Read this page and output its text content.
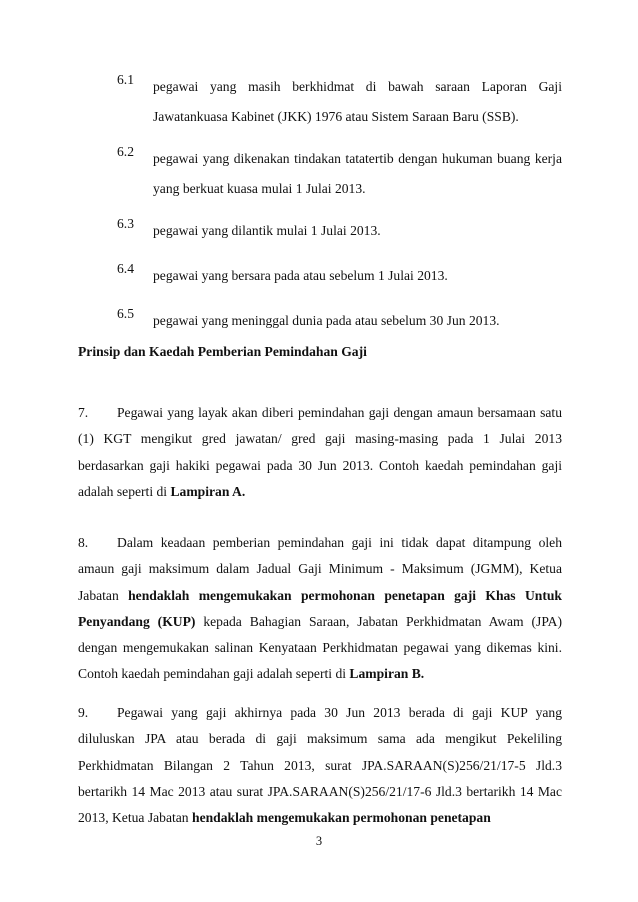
6.1 pegawai yang masih berkhidmat di bawah saraan Laporan Gaji Jawatankuasa Kabinet (JKK) 1976 atau Sistem Saraan Baru (SSB).
6.2 pegawai yang dikenakan tindakan tatatertib dengan hukuman buang kerja yang berkuat kuasa mulai 1 Julai 2013.
6.3 pegawai yang dilantik mulai 1 Julai 2013.
6.4 pegawai yang bersara pada atau sebelum 1 Julai 2013.
6.5 pegawai yang meninggal dunia pada atau sebelum 30 Jun 2013.
Prinsip dan Kaedah Pemberian Pemindahan Gaji
7. Pegawai yang layak akan diberi pemindahan gaji dengan amaun bersamaan satu (1) KGT mengikut gred jawatan/ gred gaji masing-masing pada 1 Julai 2013 berdasarkan gaji hakiki pegawai pada 30 Jun 2013. Contoh kaedah pemindahan gaji adalah seperti di Lampiran A.
8. Dalam keadaan pemberian pemindahan gaji ini tidak dapat ditampung oleh amaun gaji maksimum dalam Jadual Gaji Minimum - Maksimum (JGMM), Ketua Jabatan hendaklah mengemukakan permohonan penetapan gaji Khas Untuk Penyandang (KUP) kepada Bahagian Saraan, Jabatan Perkhidmatan Awam (JPA) dengan mengemukakan salinan Kenyataan Perkhidmatan pegawai yang dikemas kini. Contoh kaedah pemindahan gaji adalah seperti di Lampiran B.
9. Pegawai yang gaji akhirnya pada 30 Jun 2013 berada di gaji KUP yang diluluskan JPA atau berada di gaji maksimum sama ada mengikut Pekeliling Perkhidmatan Bilangan 2 Tahun 2013, surat JPA.SARAAN(S)256/21/17-5 Jld.3 bertarikh 14 Mac 2013 atau surat JPA.SARAAN(S)256/21/17-6 Jld.3 bertarikh 14 Mac 2013, Ketua Jabatan hendaklah mengemukakan permohonan penetapan
3
